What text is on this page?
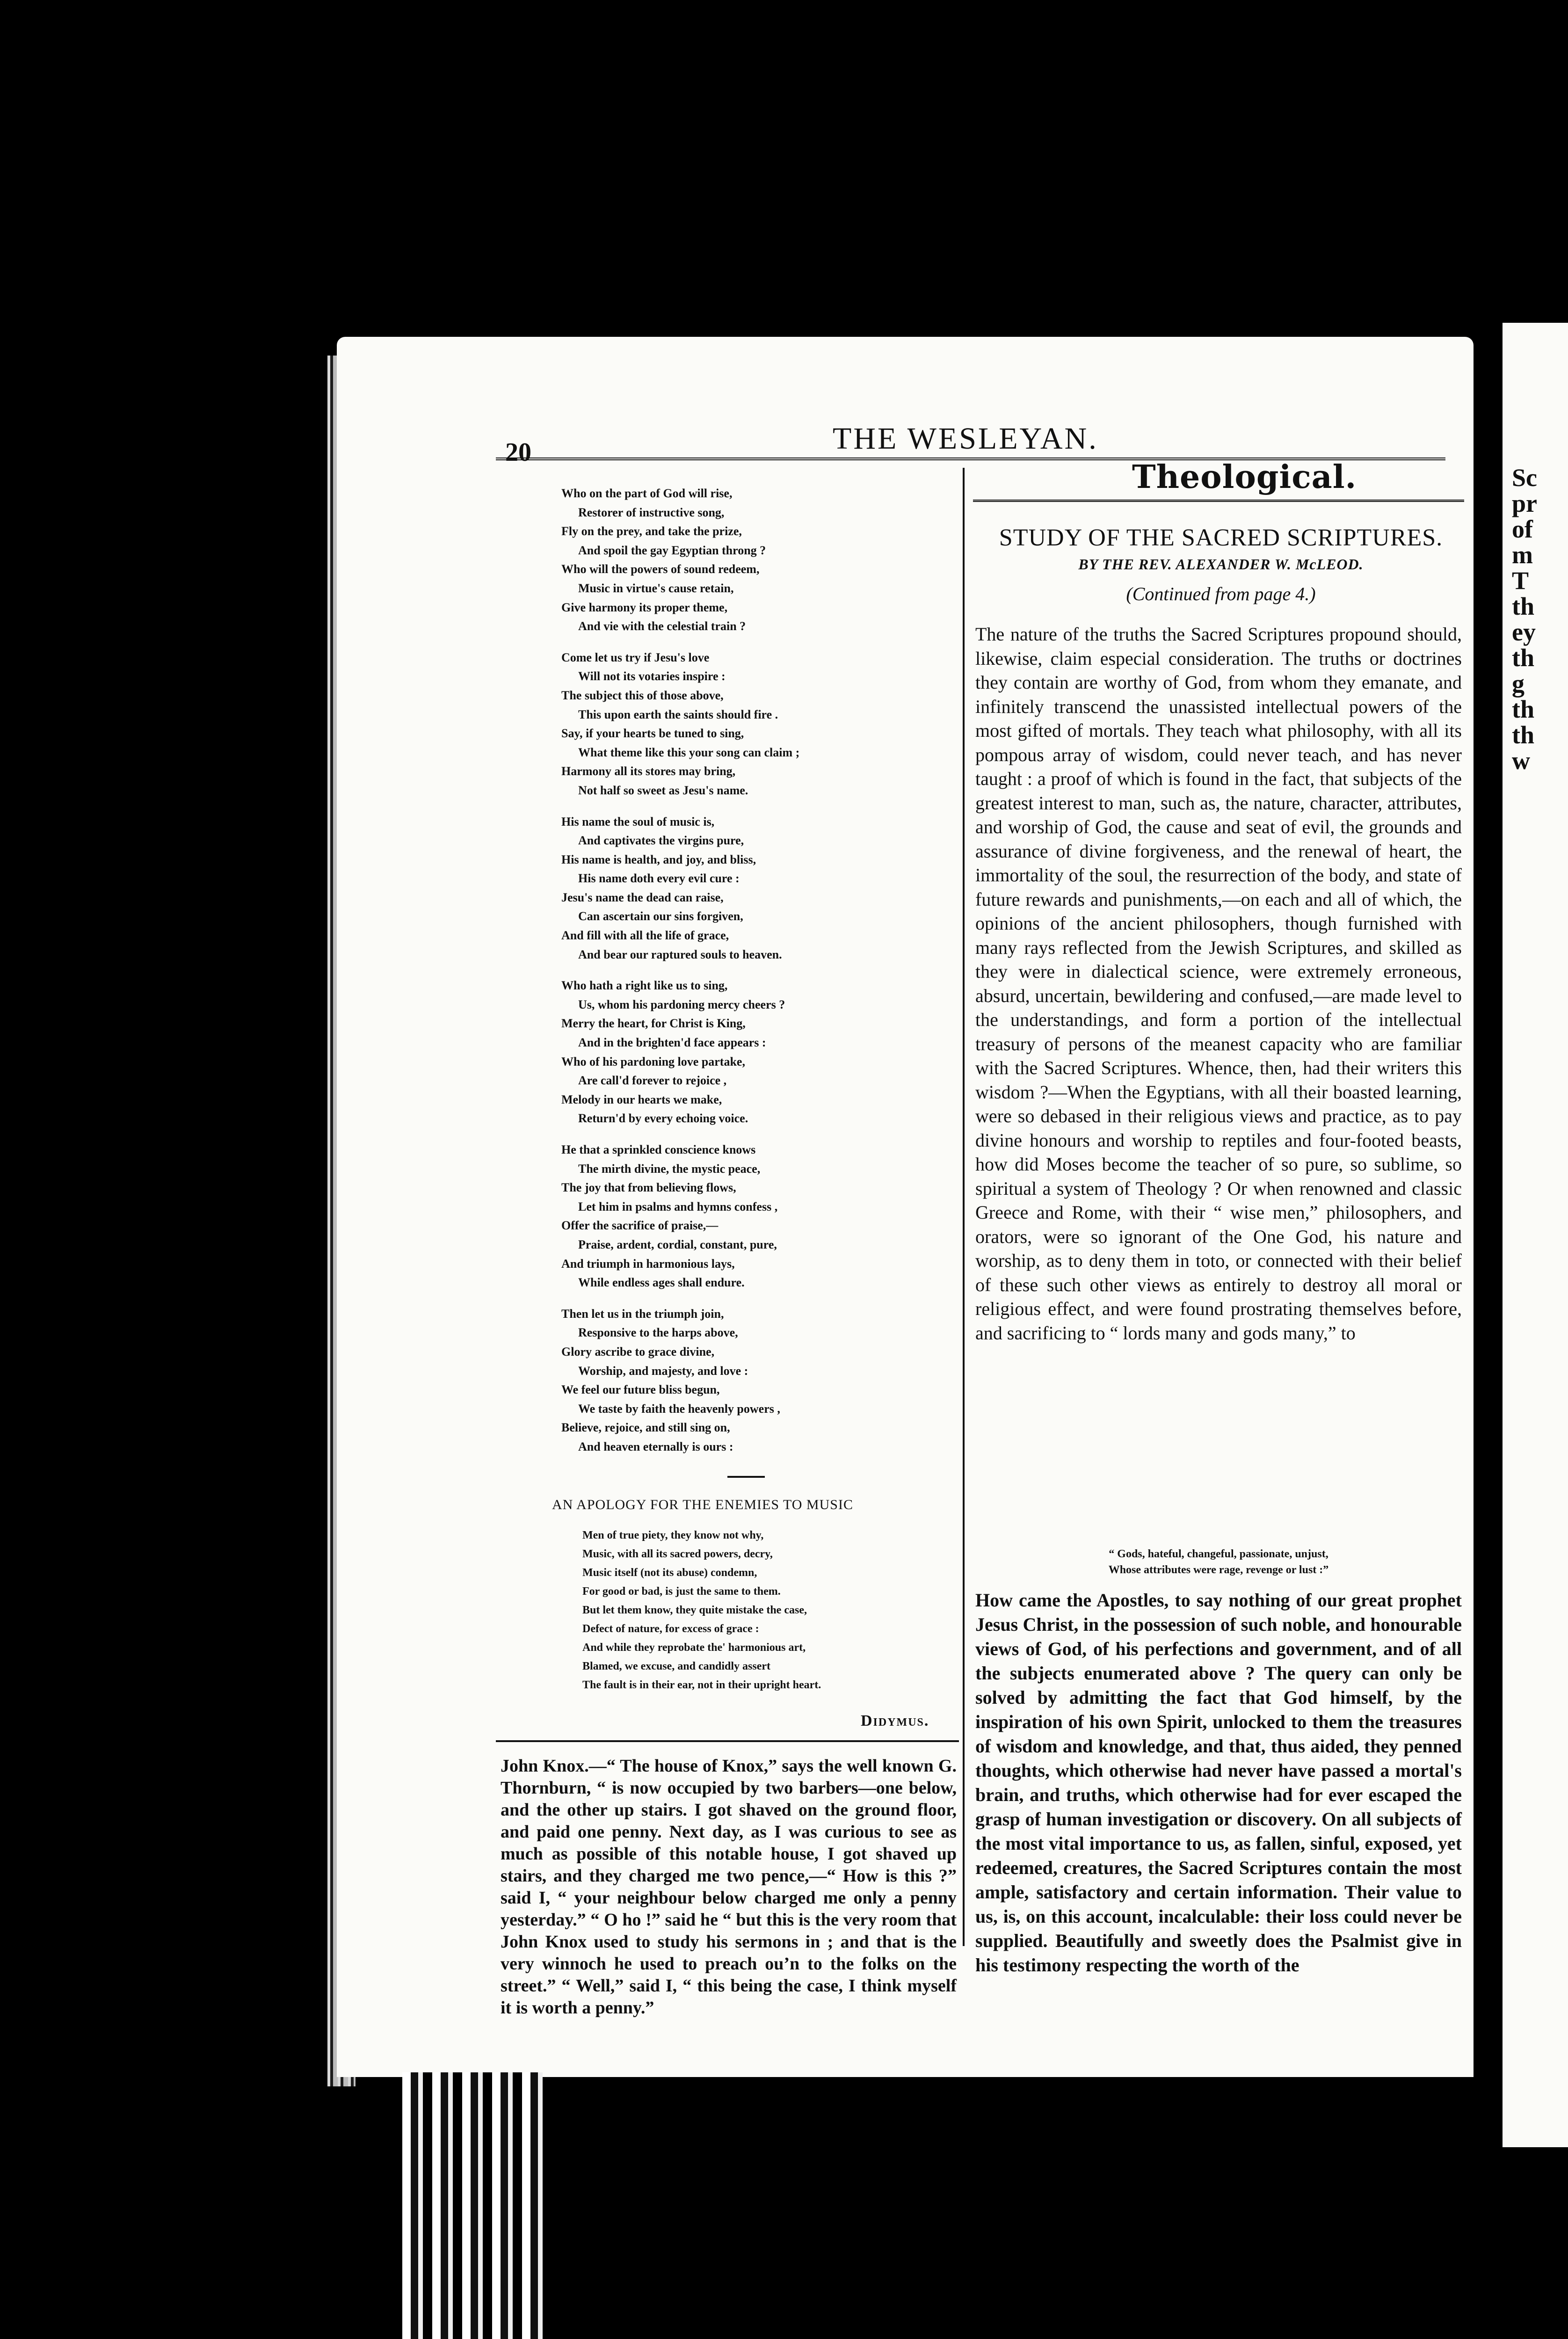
Sc
pr
of
m
T
th
ey
th
g
th
th
w
20	THE WESLEYAN.
Who on the part of God will rise,
Restorer of instructive song,
Fly on the prey, and take the prize,
And spoil the gay Egyptian throng ?
Who will the powers of sound redeem,
Music in virtue's cause retain,
Give harmony its proper theme,
And vie with the celestial train ?
Come let us try if Jesu's love
Will not its votaries inspire :
The subject this of those above,
This upon earth the saints should fire .
Say, if your hearts be tuned to sing,
What theme like this your song can claim ;
Harmony all its stores may bring,
Not half so sweet as Jesu's name.
His name the soul of music is,
And captivates the virgins pure,
His name is health, and joy, and bliss,
His name doth every evil cure :
Jesu's name the dead can raise,
Can ascertain our sins forgiven,
And fill with all the life of grace,
And bear our raptured souls to heaven.
Who hath a right like us to sing,
Us, whom his pardoning mercy cheers ?
Merry the heart, for Christ is King,
And in the brighten'd face appears :
Who of his pardoning love partake,
Are call'd forever to rejoice ,
Melody in our hearts we make,
Return'd by every echoing voice.
He that a sprinkled conscience knows
The mirth divine, the mystic peace,
The joy that from believing flows,
Let him in psalms and hymns confess ,
Offer the sacrifice of praise,—
Praise, ardent, cordial, constant, pure,
And triumph in harmonious lays,
While endless ages shall endure.
Then let us in the triumph join,
Responsive to the harps above,
Glory ascribe to grace divine,
Worship, and majesty, and love :
We feel our future bliss begun,
We taste by faith the heavenly powers ,
Believe, rejoice, and still sing on,
And heaven eternally is ours :
AN APOLOGY FOR THE ENEMIES TO MUSIC
Men of true piety, they know not why,
Music, with all its sacred powers, decry,
Music itself (not its abuse) condemn,
For good or bad, is just the same to them.
But let them know, they quite mistake the case,
Defect of nature, for excess of grace :
And while they reprobate the' harmonious art,
Blamed, we excuse, and candidly assert
The fault is in their ear, not in their upright heart.
Didymus.
John Knox.—“ The house of Knox,” says the well known G. Thornburn, “ is now occupied by two barbers—one below, and the other up stairs. I got shaved on the ground floor, and paid one penny. Next day, as I was curious to see as much as possible of this notable house, I got shaved up stairs, and they charged me two pence,—“ How is this ?” said I, “ your neighbour below charged me only a penny yesterday.” “ O ho !” said he “ but this is the very room that John Knox used to study his sermons in ; and that is the very winnoch he used to preach ou’n to the folks on the street.” “ Well,” said I, “ this being the case, I think myself it is worth a penny.”
Theological.
STUDY OF THE SACRED SCRIPTURES.
BY THE REV. ALEXANDER W. McLEOD.
(Continued from page 4.)
The nature of the truths the Sacred Scriptures propound should, likewise, claim especial consideration. The truths or doctrines they contain are worthy of God, from whom they emanate, and infinitely transcend the unassisted intellectual powers of the most gifted of mortals. They teach what philosophy, with all its pompous array of wisdom, could never teach, and has never taught : a proof of which is found in the fact, that subjects of the greatest interest to man, such as, the nature, character, attributes, and worship of God, the cause and seat of evil, the grounds and assurance of divine forgiveness, and the renewal of heart, the immortality of the soul, the resurrection of the body, and state of future rewards and punishments,—on each and all of which, the opinions of the ancient philosophers, though furnished with many rays reflected from the Jewish Scriptures, and skilled as they were in dialectical science, were extremely erroneous, absurd, uncertain, bewildering and confused,—are made level to the understandings, and form a portion of the intellectual treasury of persons of the meanest capacity who are familiar with the Sacred Scriptures. Whence, then, had their writers this wisdom ?—When the Egyptians, with all their boasted learning, were so debased in their religious views and practice, as to pay divine honours and worship to reptiles and four-footed beasts, how did Moses become the teacher of so pure, so sublime, so spiritual a system of Theology ? Or when renowned and classic Greece and Rome, with their “ wise men,” philosophers, and orators, were so ignorant of the One God, his nature and worship, as to deny them in toto, or connected with their belief of these such other views as entirely to destroy all moral or religious effect, and were found prostrating themselves before, and sacrificing to “ lords many and gods many,” to
“ Gods, hateful, changeful, passionate, unjust,
Whose attributes were rage, revenge or lust :”
How came the Apostles, to say nothing of our great prophet Jesus Christ, in the possession of such noble, and honourable views of God, of his perfections and government, and of all the subjects enumerated above ? The query can only be solved by admitting the fact that God himself, by the inspiration of his own Spirit, unlocked to them the treasures of wisdom and knowledge, and that, thus aided, they penned thoughts, which otherwise had never have passed a mortal's brain, and truths, which otherwise had for ever escaped the grasp of human investigation or discovery. On all subjects of the most vital importance to us, as fallen, sinful, exposed, yet redeemed, creatures, the Sacred Scriptures contain the most ample, satisfactory and certain information. Their value to us, is, on this account, incalculable: their loss could never be supplied. Beautifully and sweetly does the Psalmist give in his testimony respecting the worth of the
